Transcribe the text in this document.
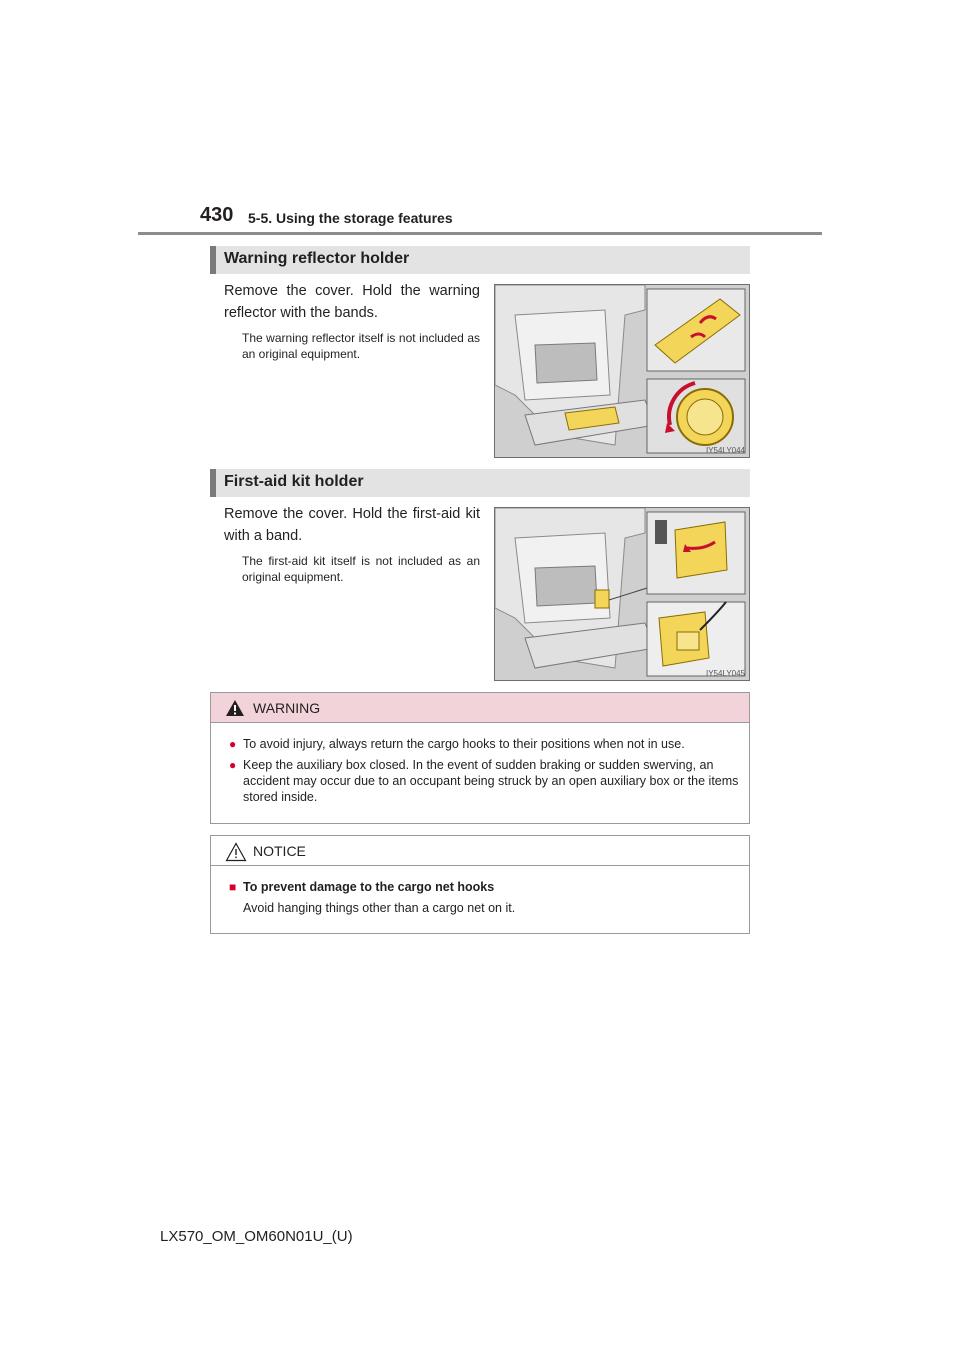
430 5-5. Using the storage features
Warning reflector holder
Remove the cover. Hold the warning reflector with the bands.
The warning reflector itself is not included as an original equipment.
IY54LY044
First-aid kit holder
Remove the cover. Hold the first-aid kit with a band.
The first-aid kit itself is not included as an original equipment.
IY54LY045
WARNING
● To avoid injury, always return the cargo hooks to their positions when not in use.
● Keep the auxiliary box closed. In the event of sudden braking or sudden swerving, an accident may occur due to an occupant being struck by an open auxiliary box or the items stored inside.
NOTICE
■ To prevent damage to the cargo net hooks
Avoid hanging things other than a cargo net on it.
LX570_OM_OM60N01U_(U)
